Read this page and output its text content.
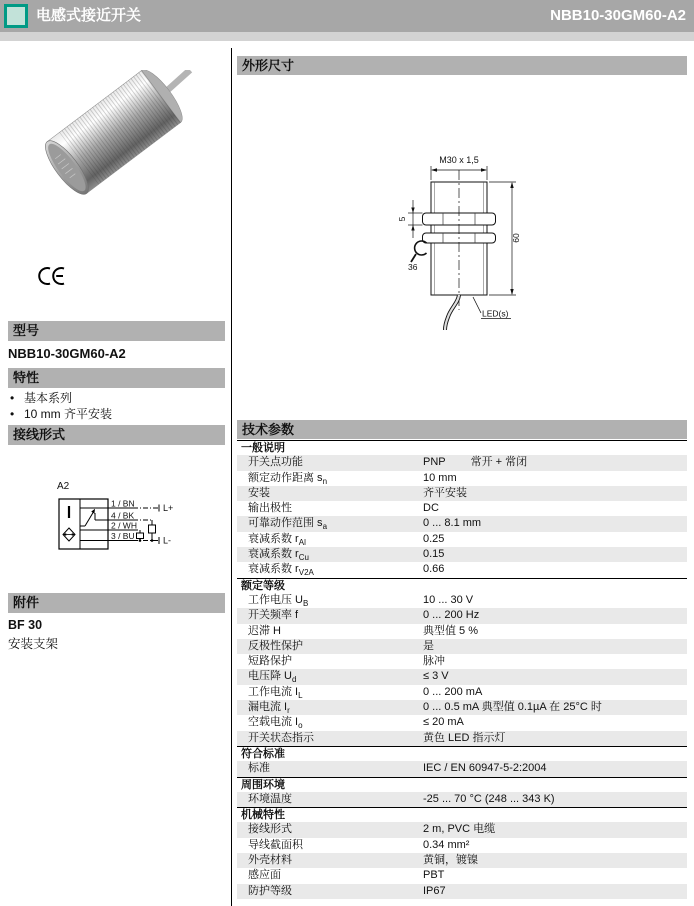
电感式接近开关	NBB10-30GM60-A2
型号
NBB10-30GM60-A2
特性
• 基本系列
• 10 mm 齐平安装
接线形式
A2
1 / BN
4 / BK
2 / WH
3 / BU
L+
L-
附件
BF 30
安装支架
外形尺寸
M30 x 1,5
60
5
36
LED(s)
技术参数
一般说明
开关点功能	PNP 常开 + 常闭
额定动作距离 $s_n$	10 mm
安装	齐平安装
输出极性	DC
可靠动作范围 $s_a$	0 ... 8.1 mm
衰减系数 $r_{Al}$	0.25
衰减系数 $r_{Cu}$	0.15
衰减系数 $r_{V2A}$	0.66
额定等级
工作电压 $U_B$	10 ... 30 V
开关频率 f	0 ... 200 Hz
迟滞 H	典型值 5 %
反极性保护	是
短路保护	脉冲
电压降 $U_d$	≤ 3 V
工作电流 $I_L$	0 ... 200 mA
漏电流 $I_r$	0 ... 0.5 mA 典型值 0.1µA 在 25°C 时
空载电流 $I_o$	≤ 20 mA
开关状态指示	黄色 LED 指示灯
符合标准
标准	IEC / EN 60947-5-2:2004
周围环境
环境温度	-25 ... 70 °C (248 ... 343 K)
机械特性
接线形式	2 m, PVC 电缆
导线截面积	0.34 mm²
外壳材料	黄铜，镀镍
感应面	PBT
防护等级	IP67
